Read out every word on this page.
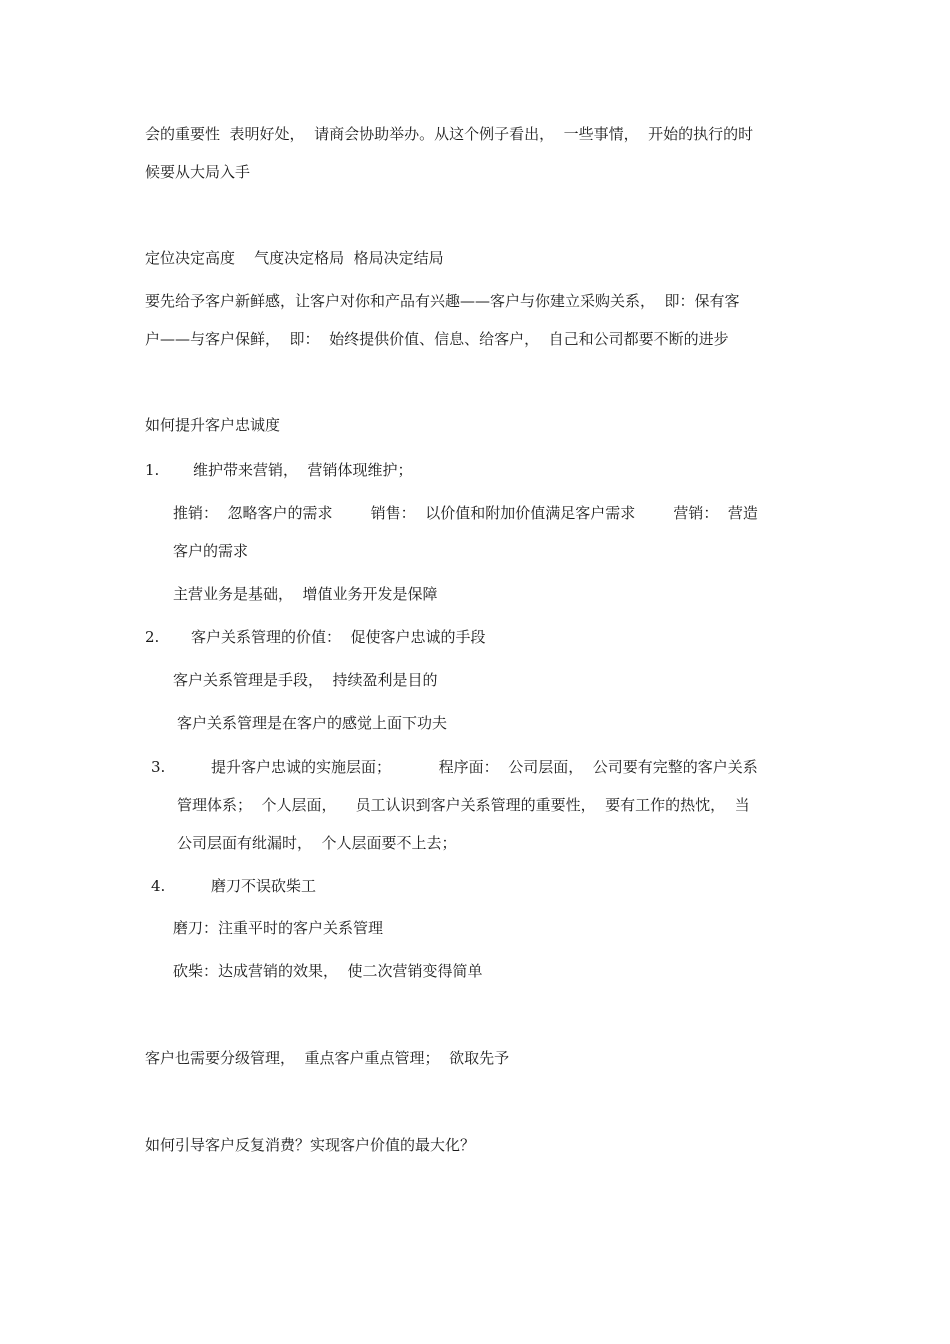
会的重要性  表明好处，  请商会协助举办。从这个例子看出，  一些事情，  开始的执行的时

候要从大局入手

定位决定高度    气度决定格局  格局决定结局

要先给予客户新鲜感，让客户对你和产品有兴趣——客户与你建立采购关系，  即：保有客

户——与客户保鲜，  即：  始终提供价值、信息、给客户，  自己和公司都要不断的进步

如何提升客户忠诚度

1. 维护带来营销，  营销体现维护；

推销：  忽略客户的需求        销售：  以价值和附加价值满足客户需求        营销：  营造

客户的需求

主营业务是基础，  增值业务开发是保障

2. 客户关系管理的价值：  促使客户忠诚的手段

客户关系管理是手段，  持续盈利是目的

客户关系管理是在客户的感觉上面下功夫

3.	提升客户忠诚的实施层面；          程序面：  公司层面，  公司要有完整的客户关系

管理体系；  个人层面，    员工认识到客户关系管理的重要性，  要有工作的热忱，  当

公司层面有纰漏时，  个人层面要不上去；

4.	磨刀不误砍柴工

磨刀：注重平时的客户关系管理

砍柴：达成营销的效果，  使二次营销变得简单

客户也需要分级管理，  重点客户重点管理；  欲取先予

如何引导客户反复消费？实现客户价值的最大化？
